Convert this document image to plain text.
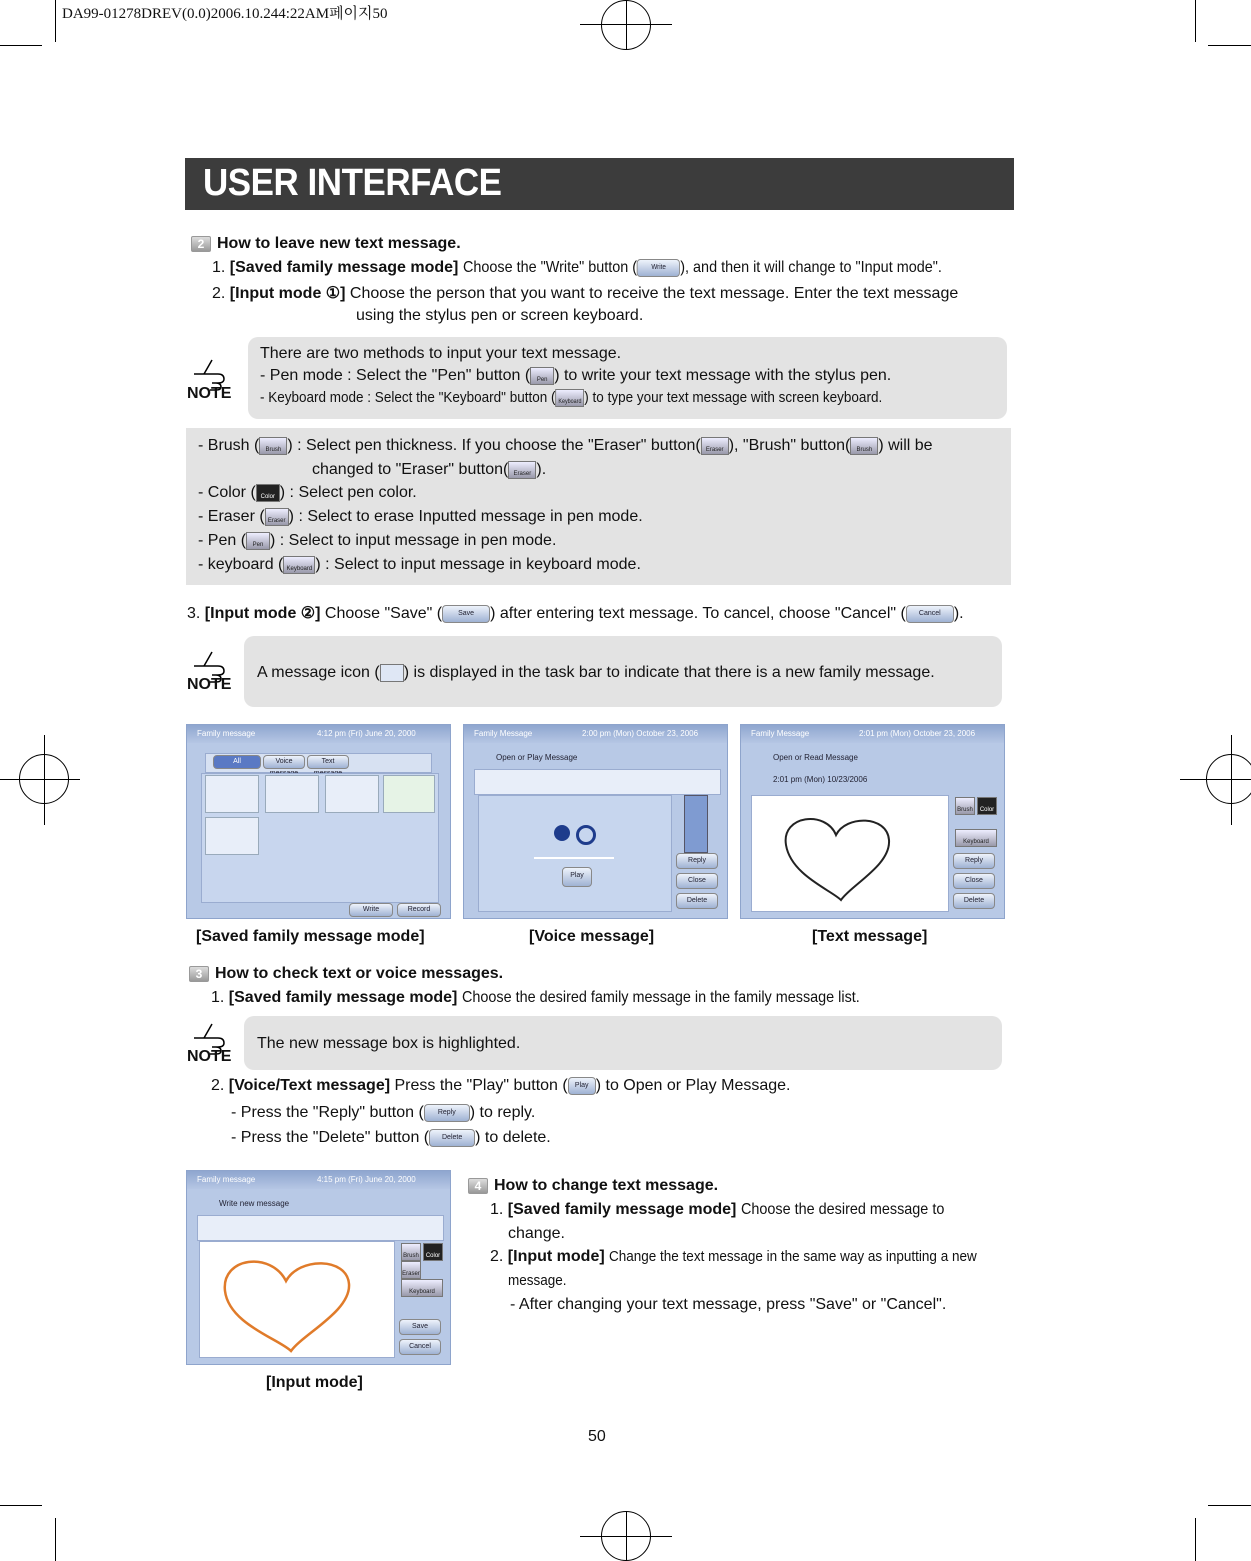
DA99-01278DREV(0.0)2006.10.244:22AM페이지50
USER INTERFACE
2 How to leave new text message.
1. [Saved family message mode] Choose the "Write" button ( Write ), and then it will change to "Input mode".
2. [Input mode ①] Choose the person that you want to receive the text message. Enter the text message
using the stylus pen or screen keyboard.
NOTE
There are two methods to input your text message.
- Pen mode : Select the "Pen" button ( Pen ) to write your text message with the stylus pen.
- Keyboard mode : Select the "Keyboard" button ( Keyboard ) to type your text message with screen keyboard.
- Brush ( Brush ) : Select pen thickness. If you choose the "Eraser" button( Eraser ), "Brush" button( Brush ) will be
changed to "Eraser" button( Eraser ).
- Color ( Color ) : Select pen color.
- Eraser ( Eraser ) : Select to erase Inputted message in pen mode.
- Pen ( Pen ) : Select to input message in pen mode.
- keyboard ( Keyboard ) : Select to input message in keyboard mode.
3. [Input mode ②] Choose "Save" ( Save ) after entering text message. To cancel, choose "Cancel" ( Cancel ).
NOTE
A message icon ( ) is displayed in the task bar to indicate that there is a new family message.
Family message	4:12 pm (Fri) June 20, 2000
All	Voice	Text
Write	Record
Family Message	2:00 pm (Mon) October 23, 2006
Open or Play Message
Play
Reply
Close
Delete
Family Message	2:01 pm (Mon) October 23, 2006
Open or Read Message
2:01 pm (Mon) 10/23/2006
Brush	Color
Keyboard
Reply
Close
Delete
[Saved family message mode]	[Voice message]	[Text message]
3 How to check text or voice messages.
1. [Saved family message mode] Choose the desired family message in the family message list.
NOTE
The new message box is highlighted.
2. [Voice/Text message] Press the "Play" button ( Play ) to Open or Play Message.
- Press the "Reply" button ( Reply ) to reply.
- Press the "Delete" button ( Delete ) to delete.
Family message	4:15 pm (Fri) June 20, 2000
Write new message
Brush	Color
Eraser
Keyboard
Save
Cancel
[Input mode]
4 How to change text message.
1. [Saved family message mode] Choose the desired message to
change.
2. [Input mode] Change the text message in the same way as inputting a new
message.
- After changing your text message, press "Save" or "Cancel".
50
